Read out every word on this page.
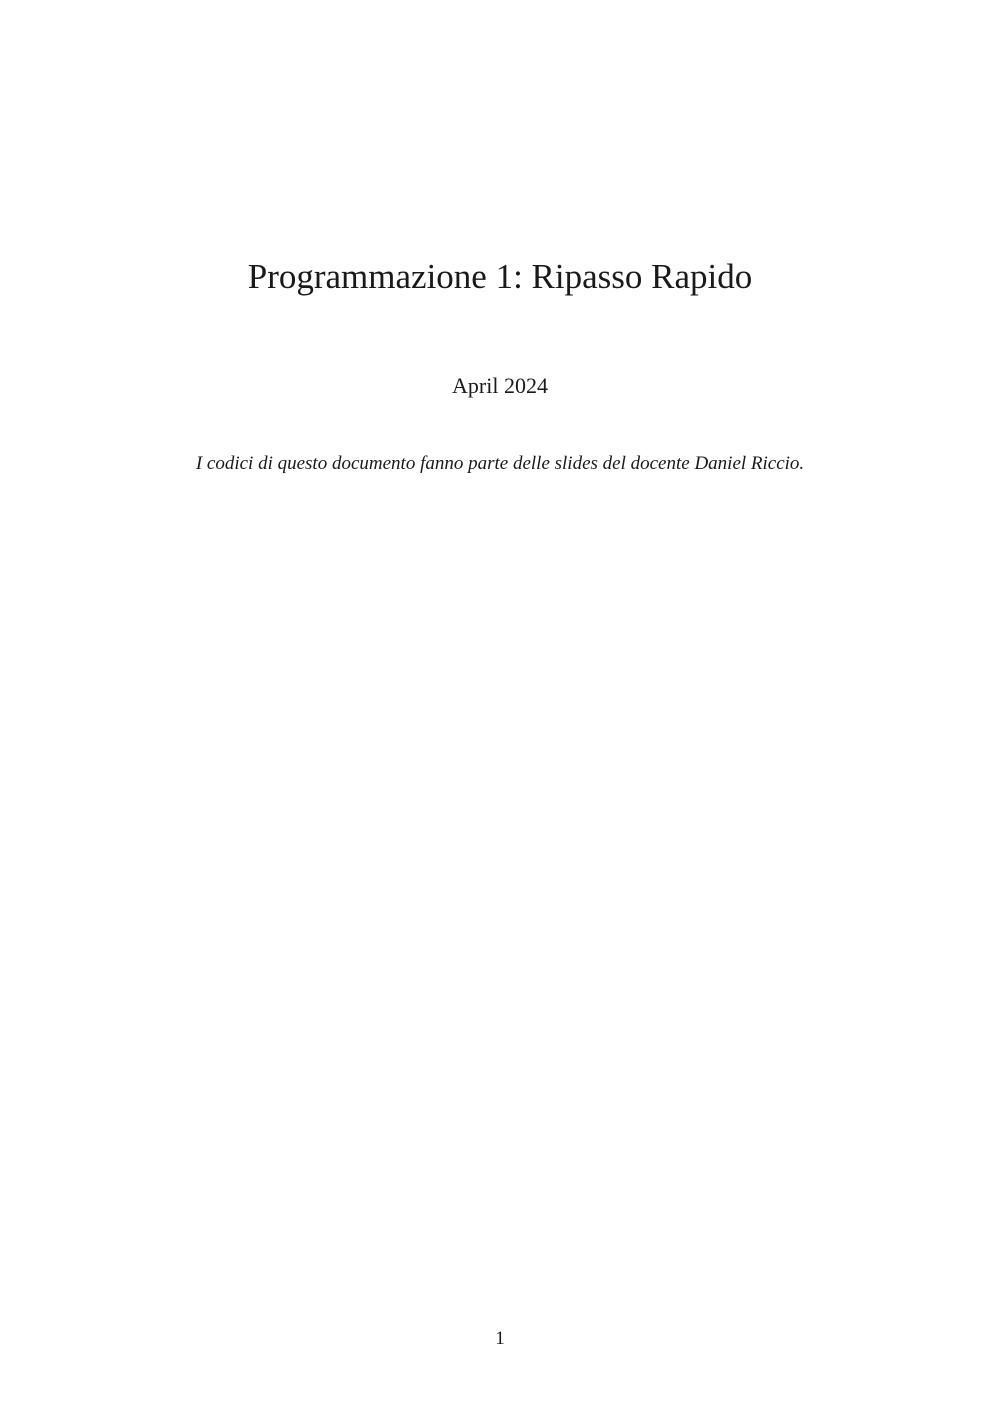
Programmazione 1: Ripasso Rapido
April 2024
I codici di questo documento fanno parte delle slides del docente Daniel Riccio.
1
